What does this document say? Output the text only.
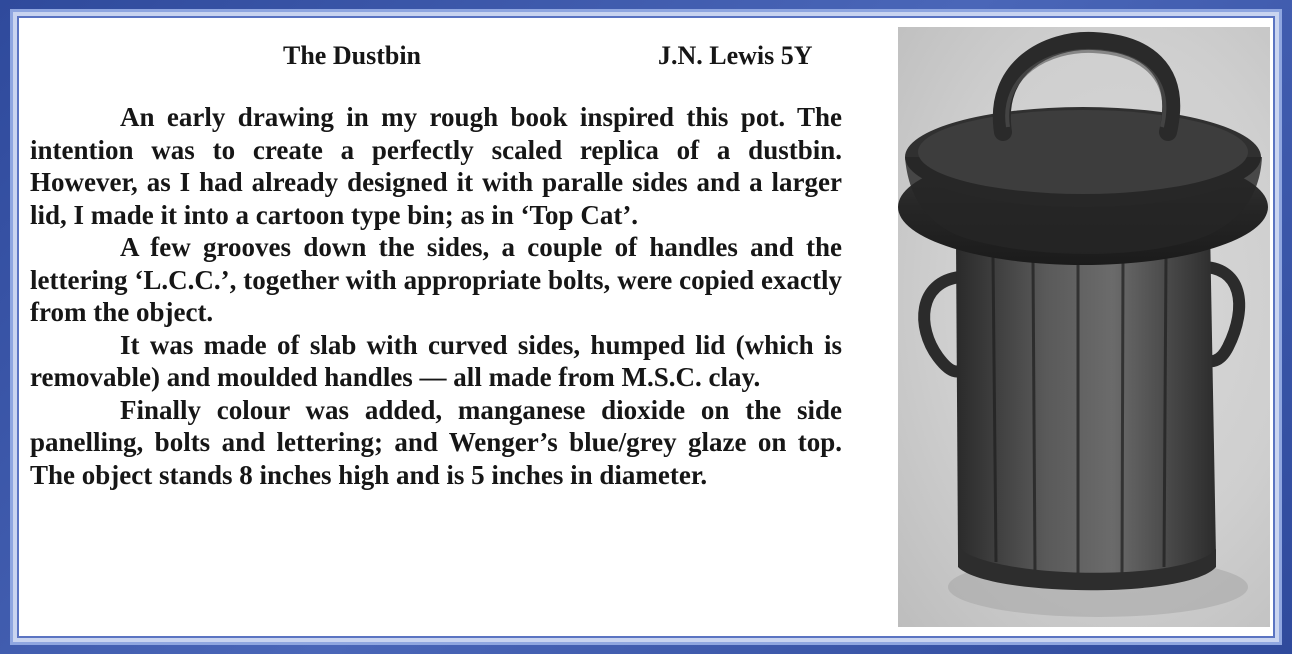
The Dustbin	J.N. Lewis 5Y

An early drawing in my rough book inspired this pot. The intention was to create a perfectly scaled replica of a dustbin. However, as I had already designed it with paralle sides and a larger lid, I made it into a cartoon type bin; as in ‘Top Cat’.

A few grooves down the sides, a couple of handles and the lettering ‘L.C.C.’, together with appropriate bolts, were copied exactly from the object.

It was made of slab with curved sides, humped lid (which is removable) and moulded handles — all made from M.S.C. clay.

Finally colour was added, manganese dioxide on the side panelling, bolts and lettering; and Wenger’s blue/grey glaze on top. The object stands 8 inches high and is 5 inches in diameter.
